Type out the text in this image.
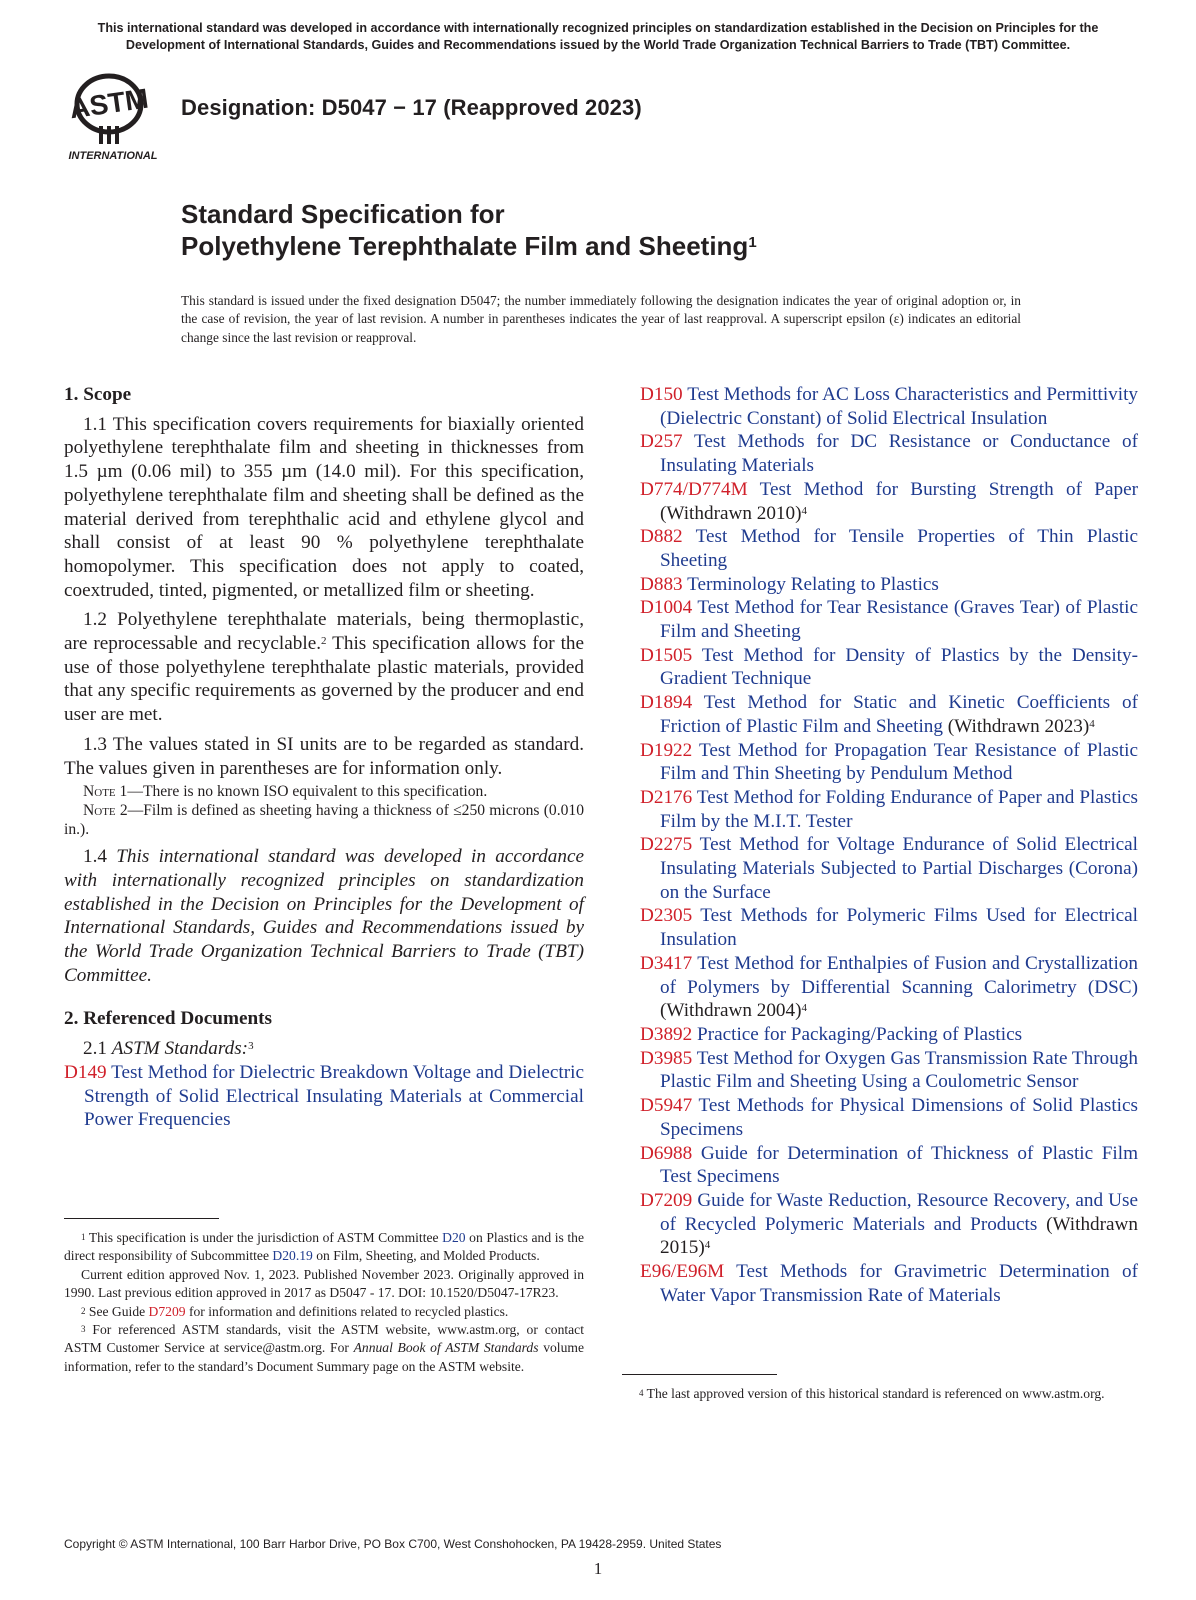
This international standard was developed in accordance with internationally recognized principles on standardization established in the Decision on Principles for the Development of International Standards, Guides and Recommendations issued by the World Trade Organization Technical Barriers to Trade (TBT) Committee.
ASTM
INTERNATIONAL
Designation: D5047 − 17 (Reapproved 2023)
Standard Specification for
Polyethylene Terephthalate Film and Sheeting$^1$
This standard is issued under the fixed designation D5047; the number immediately following the designation indicates the year of original adoption or, in the case of revision, the year of last revision. A number in parentheses indicates the year of last reapproval. A superscript epsilon (ε) indicates an editorial change since the last revision or reapproval.
1. Scope
1.1 This specification covers requirements for biaxially oriented polyethylene terephthalate film and sheeting in thicknesses from 1.5 µm (0.06 mil) to 355 µm (14.0 mil). For this specification, polyethylene terephthalate film and sheeting shall be defined as the material derived from terephthalic acid and ethylene glycol and shall consist of at least 90 % polyethylene terephthalate homopolymer. This specification does not apply to coated, coextruded, tinted, pigmented, or metallized film or sheeting.
1.2 Polyethylene terephthalate materials, being thermoplastic, are reprocessable and recyclable.$^2$ This specification allows for the use of those polyethylene terephthalate plastic materials, provided that any specific requirements as governed by the producer and end user are met.
1.3 The values stated in SI units are to be regarded as standard. The values given in parentheses are for information only.
Note 1—There is no known ISO equivalent to this specification.
Note 2—Film is defined as sheeting having a thickness of ≤250 microns (0.010 in.).
1.4 This international standard was developed in accordance with internationally recognized principles on standardization established in the Decision on Principles for the Development of International Standards, Guides and Recommendations issued by the World Trade Organization Technical Barriers to Trade (TBT) Committee.
2. Referenced Documents
2.1 ASTM Standards:$^3$
D149 Test Method for Dielectric Breakdown Voltage and Dielectric Strength of Solid Electrical Insulating Materials at Commercial Power Frequencies
D150 Test Methods for AC Loss Characteristics and Permittivity (Dielectric Constant) of Solid Electrical Insulation
D257 Test Methods for DC Resistance or Conductance of Insulating Materials
D774/D774M Test Method for Bursting Strength of Paper (Withdrawn 2010)$^4$
D882 Test Method for Tensile Properties of Thin Plastic Sheeting
D883 Terminology Relating to Plastics
D1004 Test Method for Tear Resistance (Graves Tear) of Plastic Film and Sheeting
D1505 Test Method for Density of Plastics by the Density-Gradient Technique
D1894 Test Method for Static and Kinetic Coefficients of Friction of Plastic Film and Sheeting (Withdrawn 2023)$^4$
D1922 Test Method for Propagation Tear Resistance of Plastic Film and Thin Sheeting by Pendulum Method
D2176 Test Method for Folding Endurance of Paper and Plastics Film by the M.I.T. Tester
D2275 Test Method for Voltage Endurance of Solid Electrical Insulating Materials Subjected to Partial Discharges (Corona) on the Surface
D2305 Test Methods for Polymeric Films Used for Electrical Insulation
D3417 Test Method for Enthalpies of Fusion and Crystallization of Polymers by Differential Scanning Calorimetry (DSC) (Withdrawn 2004)$^4$
D3892 Practice for Packaging/Packing of Plastics
D3985 Test Method for Oxygen Gas Transmission Rate Through Plastic Film and Sheeting Using a Coulometric Sensor
D5947 Test Methods for Physical Dimensions of Solid Plastics Specimens
D6988 Guide for Determination of Thickness of Plastic Film Test Specimens
D7209 Guide for Waste Reduction, Resource Recovery, and Use of Recycled Polymeric Materials and Products (Withdrawn 2015)$^4$
E96/E96M Test Methods for Gravimetric Determination of Water Vapor Transmission Rate of Materials
$^1$ This specification is under the jurisdiction of ASTM Committee D20 on Plastics and is the direct responsibility of Subcommittee D20.19 on Film, Sheeting, and Molded Products.
Current edition approved Nov. 1, 2023. Published November 2023. Originally approved in 1990. Last previous edition approved in 2017 as D5047 - 17. DOI: 10.1520/D5047-17R23.
$^2$ See Guide D7209 for information and definitions related to recycled plastics.
$^3$ For referenced ASTM standards, visit the ASTM website, www.astm.org, or contact ASTM Customer Service at service@astm.org. For Annual Book of ASTM Standards volume information, refer to the standard’s Document Summary page on the ASTM website.
$^4$ The last approved version of this historical standard is referenced on www.astm.org.
Copyright © ASTM International, 100 Barr Harbor Drive, PO Box C700, West Conshohocken, PA 19428-2959. United States
1
